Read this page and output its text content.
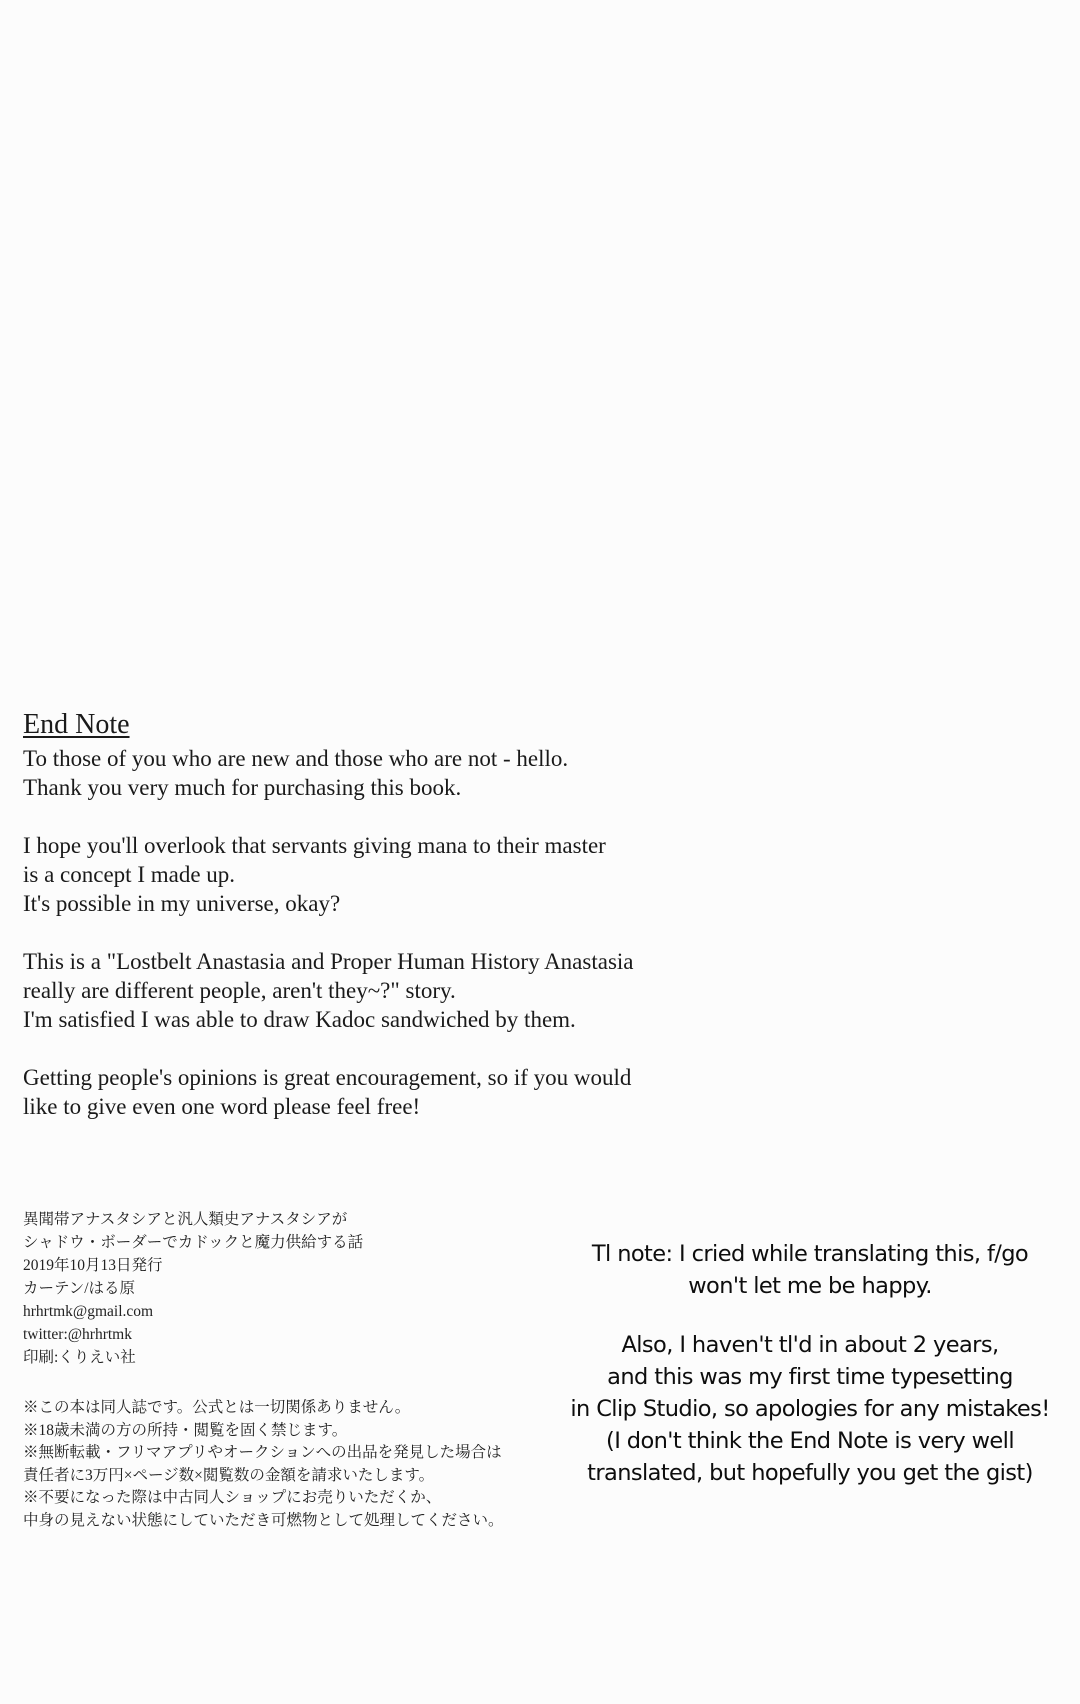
End Note

To those of you who are new and those who are not - hello.
Thank you very much for purchasing this book.

I hope you'll overlook that servants giving mana to their master
is a concept I made up.
It's possible in my universe, okay?

This is a "Lostbelt Anastasia and Proper Human History Anastasia
really are different people, aren't they~?" story.
I'm satisfied I was able to draw Kadoc sandwiched by them.

Getting people's opinions is great encouragement, so if you would
like to give even one word please feel free!

異聞帯アナスタシアと汎人類史アナスタシアが
シャドウ・ボーダーでカドックと魔力供給する話
2019年10月13日発行
カーテン/はる原
hrhrtmk@gmail.com
twitter:@hrhrtmk
印刷:くりえい社
※この本は同人誌です。公式とは一切関係ありません。
※18歳未満の方の所持・閲覧を固く禁じます。
※無断転載・フリマアプリやオークションへの出品を発見した場合は
責任者に3万円×ページ数×閲覧数の金額を請求いたします。
※不要になった際は中古同人ショップにお売りいただくか、
中身の見えない状態にしていただき可燃物として処理してください。
Tl note: I cried while translating this, f/go
won't let me be happy.
Also, I haven't tl'd in about 2 years,
and this was my first time typesetting
in Clip Studio, so apologies for any mistakes!
(I don't think the End Note is very well
translated, but hopefully you get the gist)
